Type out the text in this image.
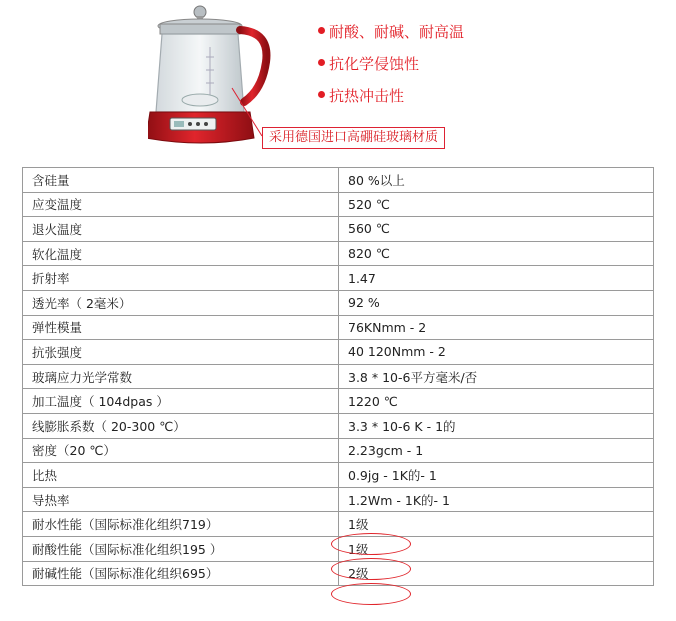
耐酸、耐碱、耐高温
抗化学侵蚀性
抗热冲击性
采用德国进口高硼硅玻璃材质
含硅量	80 %以上
应变温度	520 ℃
退火温度	560 ℃
软化温度	820 ℃
折射率	1.47
透光率（ 2毫米）	92 %
弹性模量	76KNmm - 2
抗张强度	40 120Nmm - 2
玻璃应力光学常数	3.8 * 10-6平方毫米/否
加工温度（ 104dpas ）	1220 ℃
线膨胀系数（ 20-300 ℃）	3.3 * 10-6 K - 1的
密度（20 ℃）	2.23gcm - 1
比热	0.9jg - 1K的- 1
导热率	1.2Wm - 1K的- 1
耐水性能（国际标准化组织719）	1级
耐酸性能（国际标准化组织195 ）	1级
耐碱性能（国际标准化组织695）	2级
